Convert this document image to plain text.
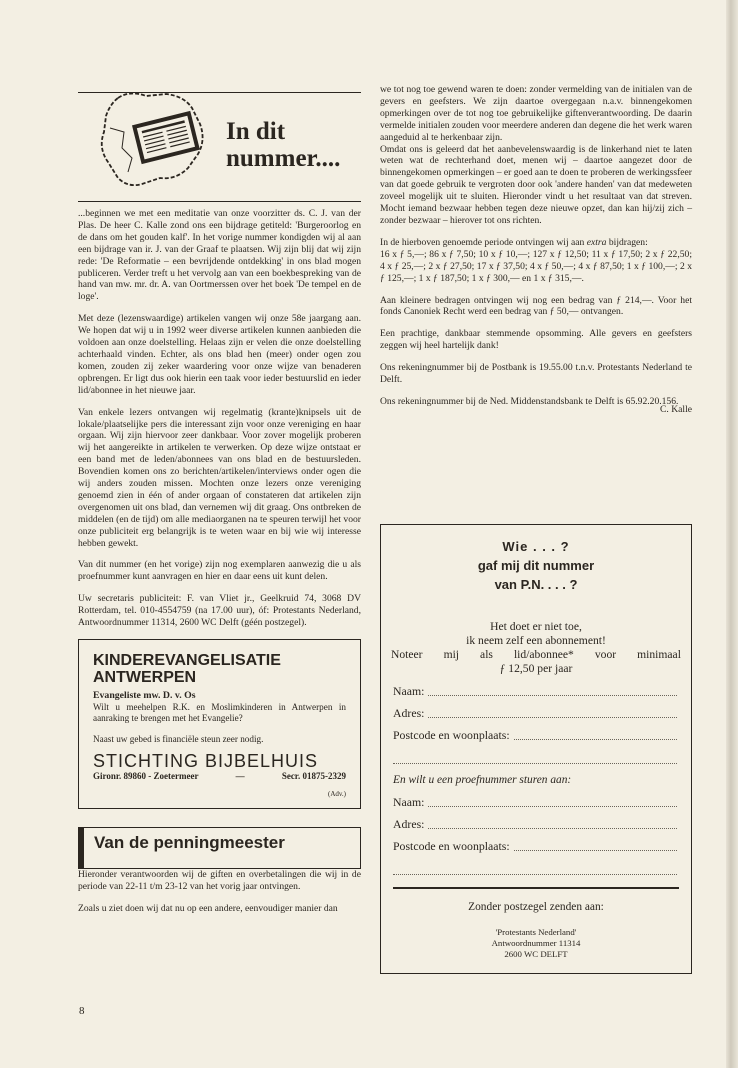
In dit
nummer....

...beginnen we met een meditatie van onze voorzitter ds. C. J. van der Plas. De heer C. Kalle zond ons een bijdrage getiteld: 'Burgeroorlog en de dans om het gouden kalf'. In het vorige nummer kondigden wij al aan een bijdrage van ir. J. van der Graaf te plaatsen. Wij zijn blij dat wij zijn rede: 'De Reformatie – een bevrijdende ontdekking' in ons blad mogen publiceren. Verder treft u het vervolg aan van een boekbespreking van de hand van mw. mr. dr. A. van Oortmerssen over het boek 'De tempel en de loge'.

Met deze (lezenswaardige) artikelen vangen wij onze 58e jaargang aan. We hopen dat wij u in 1992 weer diverse artikelen kunnen aanbieden die voldoen aan onze doelstelling. Helaas zijn er velen die onze doelstelling achterhaald vinden. Echter, als ons blad hen (meer) onder ogen zou komen, zouden zij zeker waardering voor onze wijze van benaderen opbrengen. Er ligt dus ook hierin een taak voor ieder bestuurslid en ieder lid/abonnee in het nieuwe jaar.

Van enkele lezers ontvangen wij regelmatig (krante)knipsels uit de lokale/plaatselijke pers die interessant zijn voor onze vereniging en haar orgaan. Wij zijn hiervoor zeer dankbaar. Voor zover mogelijk proberen wij het aangereikte in artikelen te verwerken. Op deze wijze ontstaat er een band met de leden/abonnees van ons blad en de bestuursleden. Bovendien komen ons zo berichten/artikelen/interviews onder ogen die wij anders zouden missen. Mochten onze lezers onze vereniging genoemd zien in één of ander orgaan of constateren dat artikelen zijn overgenomen uit ons blad, dan vernemen wij dit graag. Ons ontbreken de middelen (en de tijd) om alle mediaorganen na te speuren terwijl het voor onze publiciteit erg belangrijk is te weten waar en bij wie wij interesse hebben gewekt.

Van dit nummer (en het vorige) zijn nog exemplaren aanwezig die u als proefnummer kunt aanvragen en hier en daar eens uit kunt delen.

Uw secretaris publiciteit: F. van Vliet jr., Geelkruid 74, 3068 DV Rotterdam, tel. 010-4554759 (na 17.00 uur), óf: Protestants Nederland, Antwoordnummer 11314, 2600 WC Delft (géén postzegel).

KINDEREVANGELISATIE
ANTWERPEN
Evangeliste mw. D. v. Os
Wilt u meehelpen R.K. en Moslimkinderen in Antwerpen in aanraking te brengen met het Evangelie?
Naast uw gebed is financiële steun zeer nodig.
STICHTING BIJBELHUIS
Gironr. 89860 - Zoetermeer	—	Secr. 01875-2329
(Adv.)
Van de penningmeester

Hieronder verantwoorden wij de giften en overbetalingen die wij in de periode van 22-11 t/m 23-12 van het vorig jaar ontvingen.

Zoals u ziet doen wij dat nu op een andere, eenvoudiger manier dan

we tot nog toe gewend waren te doen: zonder vermelding van de initialen van de gevers en geefsters. We zijn daartoe overgegaan n.a.v. binnengekomen opmerkingen over de tot nog toe gebruikelijke giftenverantwoording. De daarin vermelde initialen zouden voor meerdere anderen dan degene die het werk waren aangeduid al te herkenbaar zijn.

Omdat ons is geleerd dat het aanbevelenswaardig is de linkerhand niet te laten weten wat de rechterhand doet, menen wij – daartoe aangezet door de binnengekomen opmerkingen – er goed aan te doen te proberen de werkingssfeer van dat goede gebruik te vergroten door ook 'andere handen' van dat medeweten zoveel mogelijk uit te sluiten. Hieronder vindt u het resultaat van dat streven. Mocht iemand bezwaar hebben tegen deze nieuwe opzet, dan kan hij/zij zich – zonder bezwaar – hierover tot ons richten.

In de hierboven genoemde periode ontvingen wij aan extra bijdragen:
16 x ƒ 5,—; 86 x ƒ 7,50; 10 x ƒ 10,—; 127 x ƒ 12,50; 11 x ƒ 17,50; 2 x ƒ 22,50; 4 x ƒ 25,—; 2 x ƒ 27,50; 17 x ƒ 37,50; 4 x ƒ 50,—; 4 x ƒ 87,50; 1 x ƒ 100,—; 2 x ƒ 125,—; 1 x ƒ 187,50; 1 x ƒ 300,— en 1 x ƒ 315,—.

Aan kleinere bedragen ontvingen wij nog een bedrag van ƒ 214,—. Voor het fonds Canoniek Recht werd een bedrag van ƒ 50,— ontvangen.

Een prachtige, dankbaar stemmende opsomming. Alle gevers en geefsters zeggen wij heel hartelijk dank!

Ons rekeningnummer bij de Postbank is 19.55.00 t.n.v. Protestants Nederland te Delft.

Ons rekeningnummer bij de Ned. Middenstandsbank te Delft is 65.92.20.156.

C. Kalle
Wie . . . ?
gaf mij dit nummer
van P.N. . . . ?
Het doet er niet toe,
ik neem zelf een abonnement!
Noteer mij als lid/abonnee* voor minimaal
ƒ 12,50 per jaar
Naam:
Adres:
Postcode en woonplaats:
En wilt u een proefnummer sturen aan:
Naam:
Adres:
Postcode en woonplaats:
Zonder postzegel zenden aan:
'Protestants Nederland'
Antwoordnummer 11314
2600 WC DELFT
8
